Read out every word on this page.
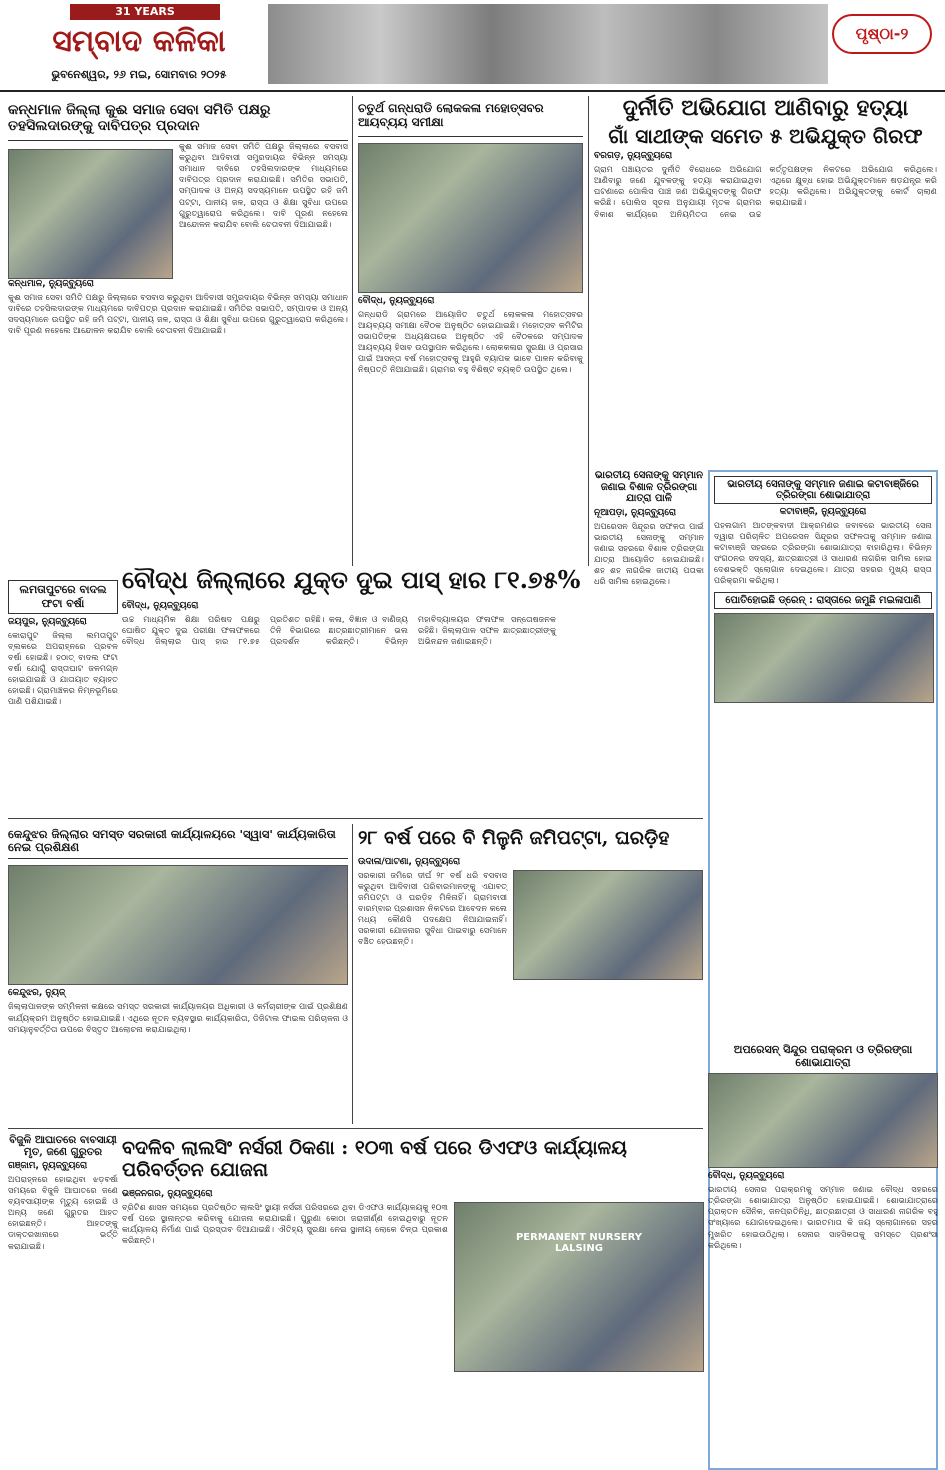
31 YEARS
ସମ୍ବାଦ କଳିକା
ଭୁବନେଶ୍ୱର, ୨୬ ମଇ, ସୋମବାର ୨୦୨୫
ପୃଷ୍ଠା-୨
କନ୍ଧମାଳ ଜିଲ୍ଲା କୁଈ ସମାଜ ସେବା ସମିତି ପକ୍ଷରୁ ତହସିଲଦାରଙ୍କୁ ଦାବିପତ୍ର ପ୍ରଦାନ
କୁଈ ସମାଜ ସେବା ସମିତି ପକ୍ଷରୁ ଜିଲ୍ଲାରେ ବସବାସ କରୁଥିବା ଆଦିବାସୀ ସମ୍ପ୍ରଦାୟର ବିଭିନ୍ନ ସମସ୍ୟା ସମାଧାନ ଦାବିରେ ତହସିଲଦାରଙ୍କ ମାଧ୍ୟମରେ ଦାବିପତ୍ର ପ୍ରଦାନ କରାଯାଇଛି। ସମିତିର ସଭାପତି, ସମ୍ପାଦକ ଓ ଅନ୍ୟ ସଦସ୍ୟମାନେ ଉପସ୍ଥିତ ରହି ଜମି ପଟ୍ଟା, ପାନୀୟ ଜଳ, ରାସ୍ତା ଓ ଶିକ୍ଷା ସୁବିଧା ଉପରେ ଗୁରୁତ୍ୱାରୋପ କରିଥିଲେ। ଦାବି ପୂରଣ ନହେଲେ ଆନ୍ଦୋଳନ କରାଯିବ ବୋଲି ଚେତାବନୀ ଦିଆଯାଇଛି।
କନ୍ଧମାଳ, ନ୍ୟୁଜ୍‌ବ୍ୟୁରୋ
କୁଈ ସମାଜ ସେବା ସମିତି ପକ୍ଷରୁ ଜିଲ୍ଲାରେ ବସବାସ କରୁଥିବା ଆଦିବାସୀ ସମ୍ପ୍ରଦାୟର ବିଭିନ୍ନ ସମସ୍ୟା ସମାଧାନ ଦାବିରେ ତହସିଲଦାରଙ୍କ ମାଧ୍ୟମରେ ଦାବିପତ୍ର ପ୍ରଦାନ କରାଯାଇଛି। ସମିତିର ସଭାପତି, ସମ୍ପାଦକ ଓ ଅନ୍ୟ ସଦସ୍ୟମାନେ ଉପସ୍ଥିତ ରହି ଜମି ପଟ୍ଟା, ପାନୀୟ ଜଳ, ରାସ୍ତା ଓ ଶିକ୍ଷା ସୁବିଧା ଉପରେ ଗୁରୁତ୍ୱାରୋପ କରିଥିଲେ। ଦାବି ପୂରଣ ନହେଲେ ଆନ୍ଦୋଳନ କରାଯିବ ବୋଲି ଚେତାବନୀ ଦିଆଯାଇଛି।
ଚତୁର୍ଥ ଗନ୍ଧରାଡି ଲୋକକଳା ମହୋତ୍ସବର ଆୟବ୍ୟୟ ସମୀକ୍ଷା
ବୌଦ୍ଧ, ନ୍ୟୁଜ୍‌ବ୍ୟୁରୋ
ଗନ୍ଧରାଡି ଗ୍ରାମରେ ଆୟୋଜିତ ଚତୁର୍ଥ ଲୋକକଳା ମହୋତ୍ସବର ଆୟବ୍ୟୟ ସମୀକ୍ଷା ବୈଠକ ଅନୁଷ୍ଠିତ ହୋଇଯାଇଛି। ମହୋତ୍ସବ କମିଟିର ସଭାପତିଙ୍କ ଅଧ୍ୟକ୍ଷତାରେ ଅନୁଷ୍ଠିତ ଏହି ବୈଠକରେ ସମ୍ପାଦକ ଆୟବ୍ୟୟ ହିସାବ ଉପସ୍ଥାପନ କରିଥିଲେ। ଲୋକକଳାର ସୁରକ୍ଷା ଓ ପ୍ରସାର ପାଇଁ ଆସନ୍ତା ବର୍ଷ ମହୋତ୍ସବକୁ ଆହୁରି ବ୍ୟାପକ ଭାବେ ପାଳନ କରିବାକୁ ନିଷ୍ପତ୍ତି ନିଆଯାଇଛି। ଗ୍ରାମର ବହୁ ବିଶିଷ୍ଟ ବ୍ୟକ୍ତି ଉପସ୍ଥିତ ଥିଲେ।
ଦୁର୍ନୀତି ଅଭିଯୋଗ ଆଣିବାରୁ ହତ୍ୟା
ଗାଁ ସାଥୀଙ୍କ ସମେତ ୫ ଅଭିଯୁକ୍ତ ଗିରଫ
ବରଗଡ଼, ନ୍ୟୁଜ୍‌ବ୍ୟୁରୋ
ଗ୍ରାମ ପଞ୍ଚାୟତର ଦୁର୍ନୀତି ବିରୋଧରେ ଅଭିଯୋଗ ଆଣିବାରୁ ଜଣେ ଯୁବକଙ୍କୁ ହତ୍ୟା କରାଯାଇଥିବା ଘଟଣାରେ ପୋଲିସ ପାଞ୍ଚ ଜଣ ଅଭିଯୁକ୍ତଙ୍କୁ ଗିରଫ କରିଛି। ପୋଲିସ ସୂଚନା ଅନୁଯାୟୀ ମୃତକ ଗ୍ରାମର ବିକାଶ କାର୍ଯ୍ୟରେ ଅନିୟମିତତା ନେଇ ଉଚ୍ଚ କର୍ତ୍ତୃପକ୍ଷଙ୍କ ନିକଟରେ ଅଭିଯୋଗ କରିଥିଲେ। ଏଥିରେ କ୍ଷୁବ୍ଧ ହୋଇ ଅଭିଯୁକ୍ତମାନେ ଷଡ଼ଯନ୍ତ୍ର କରି ହତ୍ୟା କରିଥିଲେ। ଅଭିଯୁକ୍ତଙ୍କୁ କୋର୍ଟ ଚାଲାଣ କରାଯାଇଛି।
ଭାରତୀୟ ସେନାଙ୍କୁ ସମ୍ମାନ ଜଣାଇ କଟାବାଞ୍ଜିରେ ତ୍ରିରଙ୍ଗା ଶୋଭାଯାତ୍ରା
କଟାବାଞ୍ଜି, ନ୍ୟୁଜ୍‌ବ୍ୟୁରୋ
ପହଲଗାମ ଆତଙ୍କବାଦୀ ଆକ୍ରମଣର ଜବାବରେ ଭାରତୀୟ ସେନା ଦ୍ୱାରା ପରିଚାଳିତ ଅପରେସନ ସିନ୍ଦୂରର ସଫଳତାକୁ ସମ୍ମାନ ଜଣାଇ କଟାବାଞ୍ଜି ସହରରେ ତ୍ରିରଙ୍ଗା ଶୋଭାଯାତ୍ରା ବାହାରିଥିଲା। ବିଭିନ୍ନ ସଂଗଠନର ସଦସ୍ୟ, ଛାତ୍ରଛାତ୍ରୀ ଓ ସାଧାରଣ ନାଗରିକ ସାମିଲ ହୋଇ ଦେଶଭକ୍ତି ସ୍ଲୋଗାନ ଦେଇଥିଲେ। ଯାତ୍ରା ସହରର ମୁଖ୍ୟ ରାସ୍ତା ପରିକ୍ରମା କରିଥିଲା।
ପୋତିହୋଇଛି ଡ୍ରେନ୍ : ରାସ୍ତାରେ ଜମୁଛି ମଇଳାପାଣି
ଭାରତୀୟ ସେନାଙ୍କୁ ସମ୍ମାନ ଜଣାଇ ବିଶାଳ ତ୍ରିରଙ୍ଗା ଯାତ୍ରା ପାଳି
ନୂଆପଡ଼ା, ନ୍ୟୁଜ୍‌ବ୍ୟୁରୋ
ଅପରେସନ ସିନ୍ଦୂରର ସଫଳତା ପାଇଁ ଭାରତୀୟ ସେନାଙ୍କୁ ସମ୍ମାନ ଜଣାଇ ସହରରେ ବିଶାଳ ତ୍ରିରଙ୍ଗା ଯାତ୍ରା ଆୟୋଜିତ ହୋଇଯାଇଛି। ଶହ ଶହ ନାଗରିକ ଜାତୀୟ ପତାକା ଧରି ସାମିଲ ହୋଇଥିଲେ।
ଲମତାପୁଟରେ ବାଦଲ ଫଟା ବର୍ଷା
ଜୟପୁର, ନ୍ୟୁଜ୍‌ବ୍ୟୁରୋ
କୋରାପୁଟ ଜିଲ୍ଲା ଲମତାପୁଟ ବ୍ଲକରେ ଅପରାହ୍ନରେ ପ୍ରବଳ ବର୍ଷା ହୋଇଛି। ହଠାତ୍ ବାଦଲ ଫଟା ବର୍ଷା ଯୋଗୁଁ ରାସ୍ତାଘାଟ ଜଳମଗ୍ନ ହୋଇଯାଇଛି ଓ ଯାତାୟାତ ବ୍ୟାହତ ହୋଇଛି। ଗ୍ରାମାଞ୍ଚଳର ନିମ୍ନଭୂମିରେ ପାଣି ପଶିଯାଇଛି।
ବୌଦ୍ଧ ଜିଲ୍ଲାରେ ଯୁକ୍ତ ଦୁଇ ପାସ୍ ହାର ୮୧.୭୫%
ବୌଦ୍ଧ, ନ୍ୟୁଜ୍‌ବ୍ୟୁରୋ
ଉଚ୍ଚ ମାଧ୍ୟମିକ ଶିକ୍ଷା ପରିଷଦ ପକ୍ଷରୁ ଘୋଷିତ ଯୁକ୍ତ ଦୁଇ ପରୀକ୍ଷା ଫଳାଫଳରେ ବୌଦ୍ଧ ଜିଲ୍ଲାର ପାସ୍ ହାର ୮୧.୭୫ ପ୍ରତିଶତ ରହିଛି। କଳା, ବିଜ୍ଞାନ ଓ ବାଣିଜ୍ୟ ତିନି ବିଭାଗରେ ଛାତ୍ରଛାତ୍ରୀମାନେ ଭଲ ପ୍ରଦର୍ଶନ କରିଛନ୍ତି। ବିଭିନ୍ନ ମହାବିଦ୍ୟାଳୟର ଫଳାଫଳ ସନ୍ତୋଷଜନକ ରହିଛି। ଜିଲ୍ଲାପାଳ ସଫଳ ଛାତ୍ରଛାତ୍ରୀଙ୍କୁ ଅଭିନନ୍ଦନ ଜଣାଇଛନ୍ତି।
କେନ୍ଦୁଝର ଜିଲ୍ଲାର ସମସ୍ତ ସରକାରୀ କାର୍ଯ୍ୟାଳୟରେ 'ସ୍ୱାସ' କାର୍ଯ୍ୟକାରିତା ନେଇ ପ୍ରଶିକ୍ଷଣ
କେନ୍ଦୁଝର, ନ୍ୟୁଜ୍‌
ଜିଲ୍ଲାପାଳଙ୍କ ସମ୍ମିଳନୀ କକ୍ଷରେ ସମସ୍ତ ସରକାରୀ କାର୍ଯ୍ୟାଳୟର ଅଧିକାରୀ ଓ କର୍ମଚାରୀଙ୍କ ପାଇଁ ପ୍ରଶିକ୍ଷଣ କାର୍ଯ୍ୟକ୍ରମ ଅନୁଷ୍ଠିତ ହୋଇଯାଇଛି। ଏଥିରେ ନୂତନ ବ୍ୟବସ୍ଥାର କାର୍ଯ୍ୟକାରିତା, ଡିଜିଟାଲ ଫାଇଲ ପରିଚାଳନା ଓ ସମୟାନୁବର୍ତ୍ତିତା ଉପରେ ବିସ୍ତୃତ ଆଲୋଚନା କରାଯାଇଥିଲା।
୨୮ ବର୍ଷ ପରେ ବି ମିଳୁନି ଜମିପଟ୍ଟା, ଘରଡ଼ିହ
ଉଦାଳା/ପାଟଣା, ନ୍ୟୁଜ୍‌ବ୍ୟୁରୋ
ସରକାରୀ ଜମିରେ ଦୀର୍ଘ ୨୮ ବର୍ଷ ଧରି ବସବାସ କରୁଥିବା ଆଦିବାସୀ ପରିବାରମାନଙ୍କୁ ଏଯାବତ୍ ଜମିପଟ୍ଟା ଓ ଘରଡ଼ିହ ମିଳିନାହିଁ। ଗ୍ରାମବାସୀ ବାରମ୍ବାର ପ୍ରଶାସନ ନିକଟରେ ଆବେଦନ କଲେ ମଧ୍ୟ କୌଣସି ପଦକ୍ଷେପ ନିଆଯାଇନାହିଁ। ସରକାରୀ ଯୋଜନାର ସୁବିଧା ପାଇବାରୁ ସେମାନେ ବଞ୍ଚିତ ହେଉଛନ୍ତି।
ବିଜୁଳି ଆଘାତରେ ବାବସାୟୀ ମୃତ, ଜଣେ ଗୁରୁତର
ଗଞ୍ଜାମ, ନ୍ୟୁଜ୍‌ବ୍ୟୁରୋ
ଅପରାହ୍ନରେ ହୋଇଥିବା ଝଡ଼ବର୍ଷା ସମୟରେ ବିଜୁଳି ଆଘାତରେ ଜଣେ ବ୍ୟବସାୟୀଙ୍କ ମୃତ୍ୟୁ ହୋଇଛି ଓ ଅନ୍ୟ ଜଣେ ଗୁରୁତର ଆହତ ହୋଇଛନ୍ତି। ଆହତଙ୍କୁ ଡାକ୍ତରଖାନାରେ ଭର୍ତ୍ତି କରାଯାଇଛି।
ବଦଳିବ ଲାଲସିଂ ନର୍ସରୀ ଠିକଣା : ୧୦୩ ବର୍ଷ ପରେ ଡିଏଫଓ କାର୍ଯ୍ୟାଳୟ ପରିବର୍ତ୍ତନ ଯୋଜନା
ଭଞ୍ଜନଗର, ନ୍ୟୁଜ୍‌ବ୍ୟୁରୋ
PERMANENT NURSERY LALSING
ବ୍ରିଟିଶ ଶାସନ ସମୟରେ ପ୍ରତିଷ୍ଠିତ ଲାଲସିଂ ସ୍ଥାୟୀ ନର୍ସରୀ ପରିସରରେ ଥିବା ଡିଏଫଓ କାର୍ଯ୍ୟାଳୟକୁ ୧୦୩ ବର୍ଷ ପରେ ସ୍ଥାନାନ୍ତର କରିବାକୁ ଯୋଜନା କରାଯାଇଛି। ପୁରୁଣା କୋଠା ଜରାଜୀର୍ଣ୍ଣ ହୋଇଥିବାରୁ ନୂତନ କାର୍ଯ୍ୟାଳୟ ନିର୍ମାଣ ପାଇଁ ପ୍ରସ୍ତାବ ଦିଆଯାଇଛି। ଐତିହ୍ୟ ସୁରକ୍ଷା ନେଇ ସ୍ଥାନୀୟ ଲୋକେ ଚିନ୍ତା ପ୍ରକାଶ କରିଛନ୍ତି।
ଅପରେସନ୍ ସିନ୍ଦୁର ପରାକ୍ରମ ଓ ତ୍ରିରଙ୍ଗା ଶୋଭାଯାତ୍ରା
ବୌଦ୍ଧ, ନ୍ୟୁଜ୍‌ବ୍ୟୁରୋ
ଭାରତୀୟ ସେନାର ପରାକ୍ରମକୁ ସମ୍ମାନ ଜଣାଇ ବୌଦ୍ଧ ସହରରେ ତ୍ରିରଙ୍ଗା ଶୋଭାଯାତ୍ରା ଅନୁଷ୍ଠିତ ହୋଇଯାଇଛି। ଶୋଭାଯାତ୍ରାରେ ପ୍ରାକ୍ତନ ସୈନିକ, ଜନପ୍ରତିନିଧି, ଛାତ୍ରଛାତ୍ରୀ ଓ ସାଧାରଣ ନାଗରିକ ବହୁ ସଂଖ୍ୟାରେ ଯୋଗଦେଇଥିଲେ। ଭାରତମାତା କି ଜୟ ସ୍ଲୋଗାନରେ ସହର ମୁଖରିତ ହୋଇଉଠିଥିଲା। ସେନାର ସାହସିକତାକୁ ସମସ୍ତେ ପ୍ରଶଂସା କରିଥିଲେ।
